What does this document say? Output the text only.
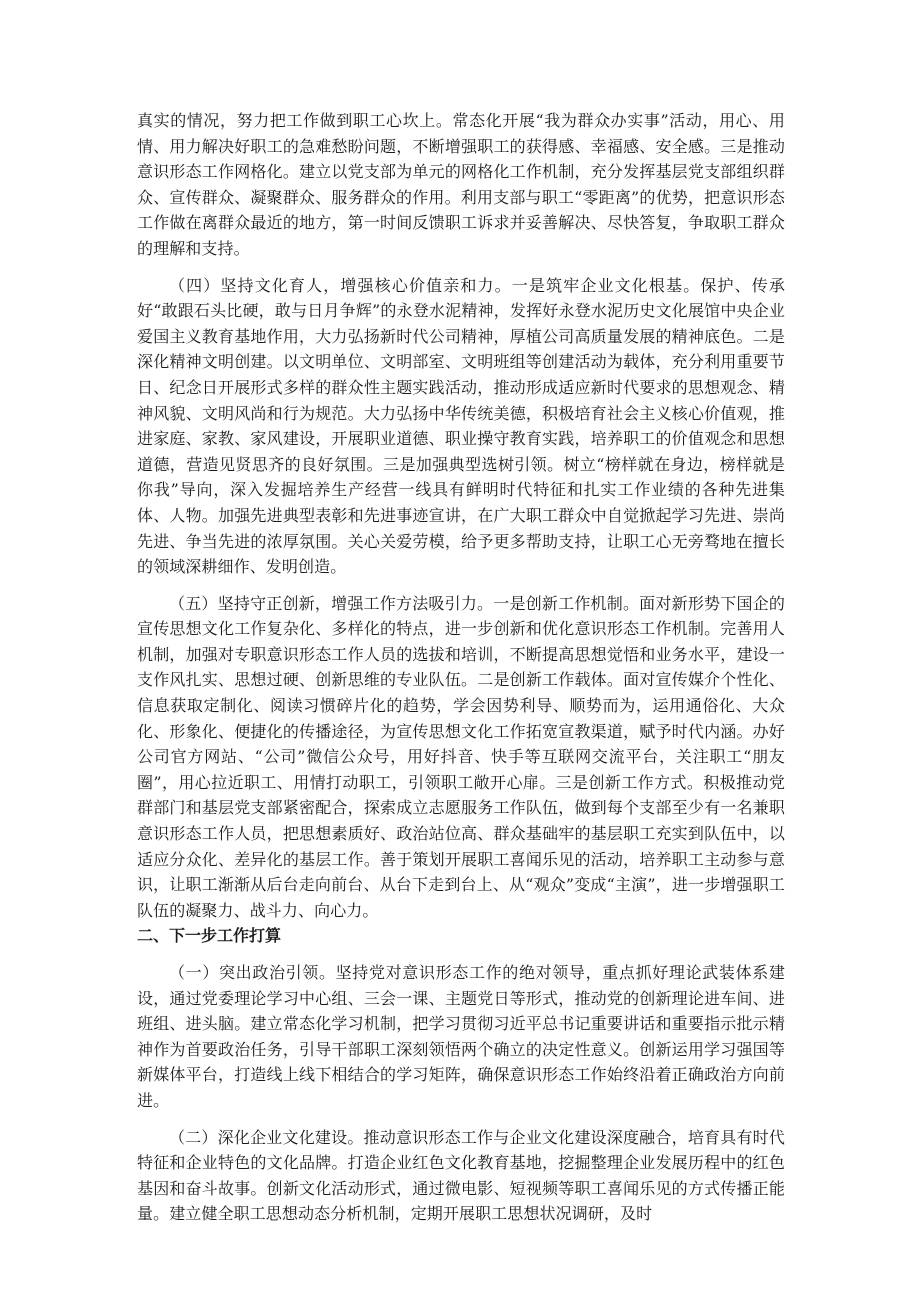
真实的情况，努力把工作做到职工心坎上。常态化开展“我为群众办实事”活动，用心、用情、用力解决好职工的急难愁盼问题，不断增强职工的获得感、幸福感、安全感。三是推动意识形态工作网格化。建立以党支部为单元的网格化工作机制，充分发挥基层党支部组织群众、宣传群众、凝聚群众、服务群众的作用。利用支部与职工“零距离”的优势，把意识形态工作做在离群众最近的地方，第一时间反馈职工诉求并妥善解决、尽快答复，争取职工群众的理解和支持。

（四）坚持文化育人，增强核心价值亲和力。一是筑牢企业文化根基。保护、传承好“敢跟石头比硬，敢与日月争辉”的永登水泥精神，发挥好永登水泥历史文化展馆中央企业爱国主义教育基地作用，大力弘扬新时代公司精神，厚植公司高质量发展的精神底色。二是深化精神文明创建。以文明单位、文明部室、文明班组等创建活动为载体，充分利用重要节日、纪念日开展形式多样的群众性主题实践活动，推动形成适应新时代要求的思想观念、精神风貌、文明风尚和行为规范。大力弘扬中华传统美德，积极培育社会主义核心价值观，推进家庭、家教、家风建设，开展职业道德、职业操守教育实践，培养职工的价值观念和思想道德，营造见贤思齐的良好氛围。三是加强典型选树引领。树立“榜样就在身边，榜样就是你我”导向，深入发掘培养生产经营一线具有鲜明时代特征和扎实工作业绩的各种先进集体、人物。加强先进典型表彰和先进事迹宣讲，在广大职工群众中自觉掀起学习先进、崇尚先进、争当先进的浓厚氛围。关心关爱劳模，给予更多帮助支持，让职工心无旁骛地在擅长的领域深耕细作、发明创造。

（五）坚持守正创新，增强工作方法吸引力。一是创新工作机制。面对新形势下国企的宣传思想文化工作复杂化、多样化的特点，进一步创新和优化意识形态工作机制。完善用人机制，加强对专职意识形态工作人员的选拔和培训，不断提高思想觉悟和业务水平，建设一支作风扎实、思想过硬、创新思维的专业队伍。二是创新工作载体。面对宣传媒介个性化、信息获取定制化、阅读习惯碎片化的趋势，学会因势利导、顺势而为，运用通俗化、大众化、形象化、便捷化的传播途径，为宣传思想文化工作拓宽宣教渠道，赋予时代内涵。办好公司官方网站、“公司”微信公众号，用好抖音、快手等互联网交流平台，关注职工“朋友圈”，用心拉近职工、用情打动职工，引领职工敞开心扉。三是创新工作方式。积极推动党群部门和基层党支部紧密配合，探索成立志愿服务工作队伍，做到每个支部至少有一名兼职意识形态工作人员，把思想素质好、政治站位高、群众基础牢的基层职工充实到队伍中，以适应分众化、差异化的基层工作。善于策划开展职工喜闻乐见的活动，培养职工主动参与意识，让职工渐渐从后台走向前台、从台下走到台上、从“观众”变成“主演”，进一步增强职工队伍的凝聚力、战斗力、向心力。

二、下一步工作打算

（一）突出政治引领。坚持党对意识形态工作的绝对领导，重点抓好理论武装体系建设，通过党委理论学习中心组、三会一课、主题党日等形式，推动党的创新理论进车间、进班组、进头脑。建立常态化学习机制，把学习贯彻习近平总书记重要讲话和重要指示批示精神作为首要政治任务，引导干部职工深刻领悟两个确立的决定性意义。创新运用学习强国等新媒体平台，打造线上线下相结合的学习矩阵，确保意识形态工作始终沿着正确政治方向前进。

（二）深化企业文化建设。推动意识形态工作与企业文化建设深度融合，培育具有时代特征和企业特色的文化品牌。打造企业红色文化教育基地，挖掘整理企业发展历程中的红色基因和奋斗故事。创新文化活动形式，通过微电影、短视频等职工喜闻乐见的方式传播正能量。建立健全职工思想动态分析机制，定期开展职工思想状况调研，及时
